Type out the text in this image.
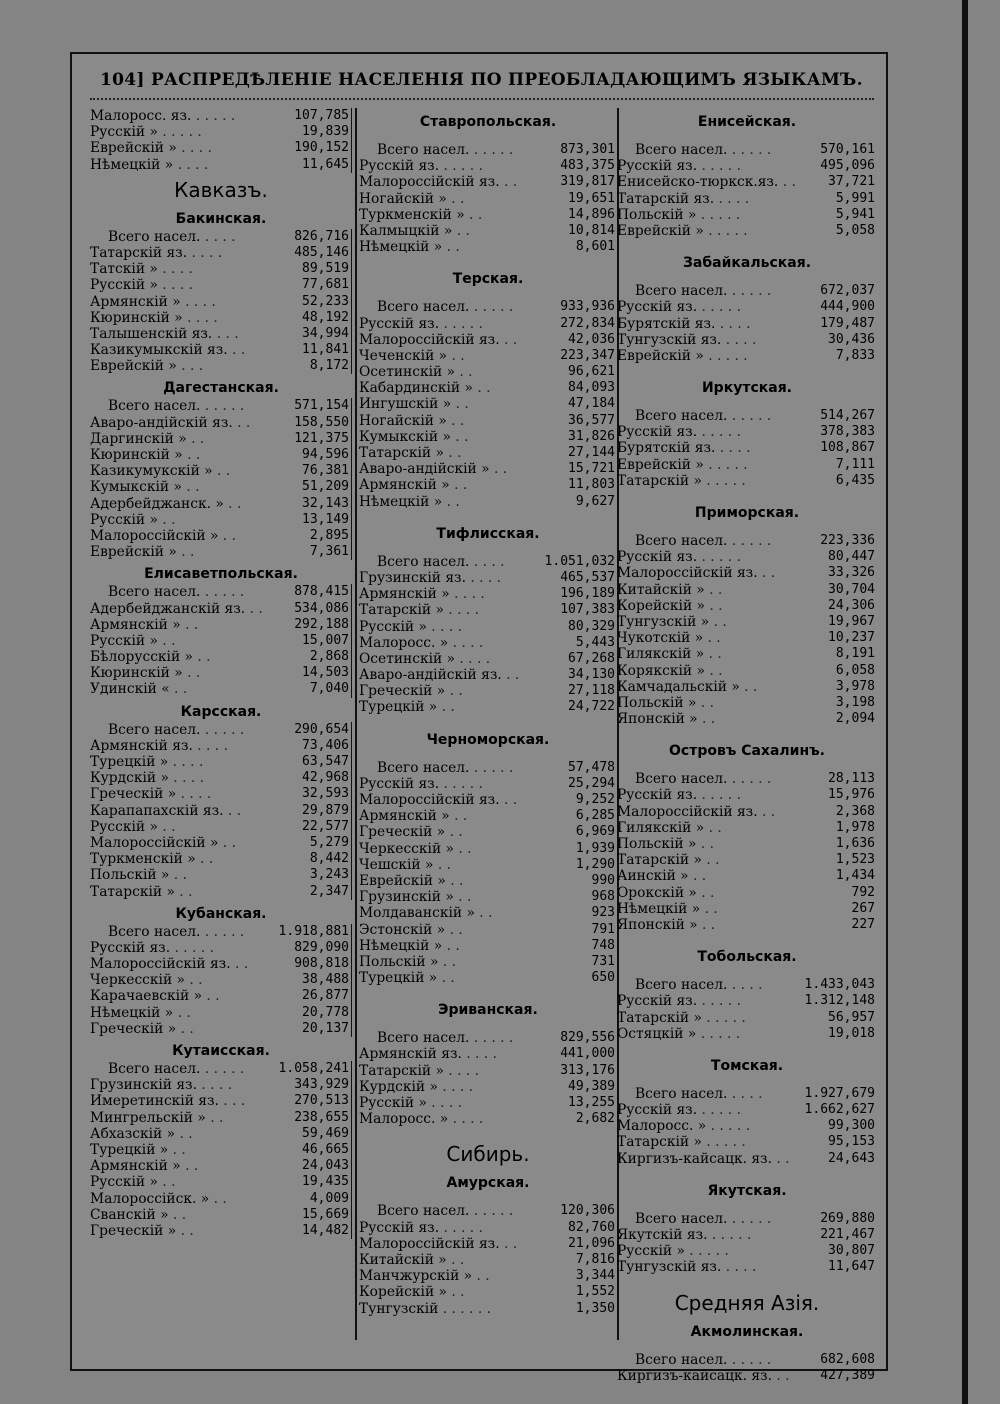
104] РАСПРЕДѢЛЕНІЕ НАСЕЛЕНІЯ ПО ПРЕОБЛАДАЮЩИМЪ ЯЗЫКАМЪ.
Малоросс. яз. . . . . .	107,785
Русскій » . . . . .	19,839
Еврейскій » . . . .	190,152
Нѣмецкій » . . . .	11,645
Кавказъ.
Бакинская.
Всего насел. . . . .	826,716
Татарскій яз. . . . .	485,146
Татскій » . . . .	89,519
Русскій » . . . .	77,681
Армянскій » . . . .	52,233
Кюринскій » . . . .	48,192
Талышенскій яз. . . .	34,994
Казикумыкскій яз. . .	11,841
Еврейскій » . . .	8,172
Дагестанская.
Всего насел. . . . . .	571,154
Аваро-андійскій яз. . .	158,550
Даргинскій » . .	121,375
Кюринскій » . .	94,596
Казикумукскій » . .	76,381
Кумыкскій » . .	51,209
Адербейджанск. » . .	32,143
Русскій » . .	13,149
Малороссійскій » . .	2,895
Еврейскій » . .	7,361
Елисаветпольская.
Всего насел. . . . . .	878,415
Адербейджанскій яз. . .	534,086
Армянскій » . .	292,188
Русскій » . .	15,007
Бѣлорусскій » . .	2,868
Кюринскій » . .	14,503
Удинскій « . .	7,040
Карсская.
Всего насел. . . . . .	290,654
Армянскій яз. . . . .	73,406
Турецкій » . . . .	63,547
Курдскій » . . . .	42,968
Греческій » . . . .	32,593
Карапапахскій яз. . .	29,879
Русскій » . .	22,577
Малороссійскій » . .	5,279
Туркменскій » . .	8,442
Польскій » . .	3,243
Татарскій » . .	2,347
Кубанская.
Всего насел. . . . . .	1.918,881
Русскій яз. . . . . .	829,090
Малороссійскій яз. . .	908,818
Черкесскій » . .	38,488
Карачаевскій » . .	26,877
Нѣмецкій » . .	20,778
Греческій » . .	20,137
Кутаисская.
Всего насел. . . . . .	1.058,241
Грузинскій яз. . . . .	343,929
Имеретинскій яз. . . .	270,513
Мингрельскій » . .	238,655
Абхазскій » . .	59,469
Турецкій » . .	46,665
Армянскій » . .	24,043
Русскій » . .	19,435
Малороссійск. » . .	4,009
Сванскій » . .	15,669
Греческій » . .	14,482
Ставропольская.
Всего насел. . . . . .	873,301
Русскій яз. . . . . .	483,375
Малороссійскій яз. . .	319,817
Ногайскій » . .	19,651
Туркменскій » . .	14,896
Калмыцкій » . .	10,814
Нѣмецкій » . .	8,601
Терская.
Всего насел. . . . . .	933,936
Русскій яз. . . . . .	272,834
Малороссійскій яз. . .	42,036
Чеченскій » . .	223,347
Осетинскій » . .	96,621
Кабардинскій » . .	84,093
Ингушскій » . .	47,184
Ногайскій » . .	36,577
Кумыкскій » . .	31,826
Татарскій » . .	27,144
Аваро-андійскій » . .	15,721
Армянскій » . .	11,803
Нѣмецкій » . .	9,627
Тифлисская.
Всего насел. . . . .	1.051,032
Грузинскій яз. . . . .	465,537
Армянскій » . . . .	196,189
Татарскій » . . . .	107,383
Русскій » . . . .	80,329
Малоросс. » . . . .	5,443
Осетинскій » . . . .	67,268
Аваро-андійскій яз. . .	34,130
Греческій » . .	27,118
Турецкій » . .	24,722
Черноморская.
Всего насел. . . . . .	57,478
Русскій яз. . . . . .	25,294
Малороссійскій яз. . .	9,252
Армянскій » . .	6,285
Греческій » . .	6,969
Черкесскій » . .	1,939
Чешскій » . .	1,290
Еврейскій » . .	990
Грузинскій » . .	968
Молдаванскій » . .	923
Эстонскій » . .	791
Нѣмецкій » . .	748
Польскій » . .	731
Турецкій » . .	650
Эриванская.
Всего насел. . . . . .	829,556
Армянскій яз. . . . .	441,000
Татарскій » . . . .	313,176
Курдскій » . . . .	49,389
Русскій » . . . .	13,255
Малоросс. » . . . .	2,682
Сибирь.
Амурская.
Всего насел. . . . . .	120,306
Русскій яз. . . . . .	82,760
Малороссійскій яз. . .	21,096
Китайскій » . .	7,816
Манчжурскій » . .	3,344
Корейскій » . .	1,552
Тунгузскій . . . . . .	1,350
Енисейская.
Всего насел. . . . . .	570,161
Русскій яз. . . . . .	495,096
Енисейско-тюркск.яз. . .	37,721
Татарскій яз. . . . .	5,991
Польскій » . . . . .	5,941
Еврейскій » . . . . .	5,058
Забайкальская.
Всего насел. . . . . .	672,037
Русскій яз. . . . . .	444,900
Бурятскій яз. . . . .	179,487
Тунгузскій яз. . . . .	30,436
Еврейскій » . . . . .	7,833
Иркутская.
Всего насел. . . . . .	514,267
Русскій яз. . . . . .	378,383
Бурятскій яз. . . . .	108,867
Еврейскій » . . . . .	7,111
Татарскій » . . . . .	6,435
Приморская.
Всего насел. . . . . .	223,336
Русскій яз. . . . . .	80,447
Малороссійскій яз. . .	33,326
Китайскій » . .	30,704
Корейскій » . .	24,306
Тунгузскій » . .	19,967
Чукотскій » . .	10,237
Гилякскій » . .	8,191
Корякскій » . .	6,058
Камчадальскій » . .	3,978
Польскій » . .	3,198
Японскій » . .	2,094
Островъ Сахалинъ.
Всего насел. . . . . .	28,113
Русскій яз. . . . . .	15,976
Малороссійскій яз. . .	2,368
Гилякскій » . .	1,978
Польскій » . .	1,636
Татарскій » . .	1,523
Аинскій » . .	1,434
Орокскій » . .	792
Нѣмецкій » . .	267
Японскій » . .	227
Тобольская.
Всего насел. . . . .	1.433,043
Русскій яз. . . . . .	1.312,148
Татарскій » . . . . .	56,957
Остяцкій » . . . . .	19,018
Томская.
Всего насел. . . . .	1.927,679
Русскій яз. . . . . .	1.662,627
Малоросс. » . . . . .	99,300
Татарскій » . . . . .	95,153
Киргизъ-кайсацк. яз. . .	24,643
Якутская.
Всего насел. . . . . .	269,880
Якутскій яз. . . . . .	221,467
Русскій » . . . . .	30,807
Тунгузскій яз. . . . .	11,647
Средняя Азія.
Акмолинская.
Всего насел. . . . . .	682,608
Киргизъ-кайсацк. яз. . .	427,389
